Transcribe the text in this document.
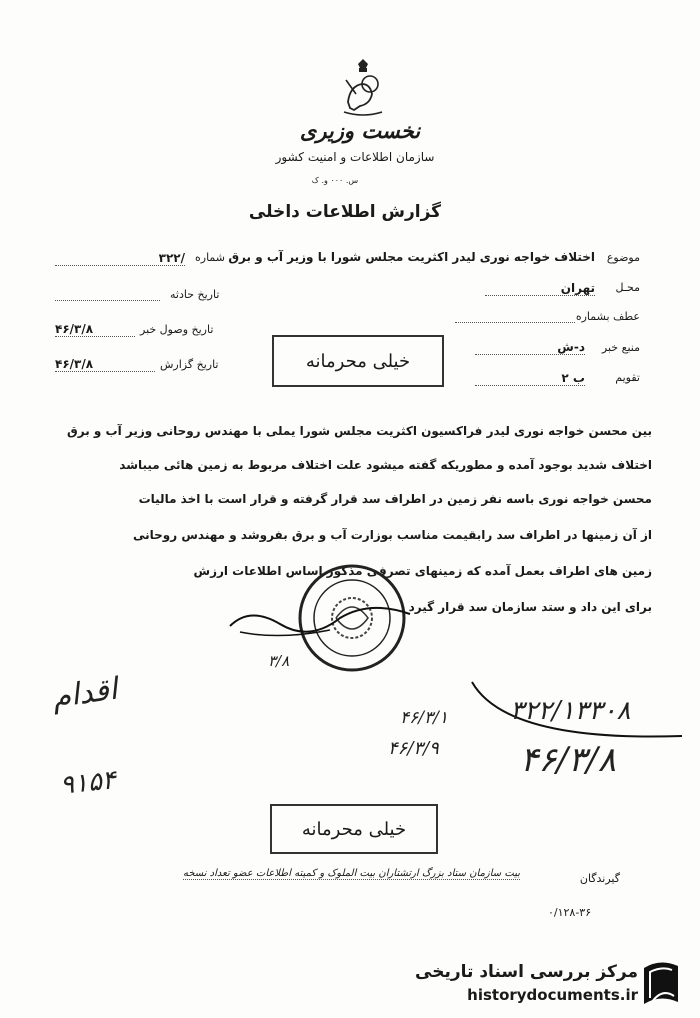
نخست وزیری
سازمان اطلاعات و امنیت کشور
س. ۰۰۰ و. ک
گزارش اطلاعات داخلی
موضوع
اختلاف خواجه نوری لیدر اکثریت مجلس شورا با وزیر آب و برق
محـل
تهران
عطف بشماره
منبع خبر
د-ش
تقویم
ب ۲
شماره
۳۲۲/
تاریخ حادثه
تاریخ وصول خبر
۴۶/۳/۸
تاریخ گزارش
۴۶/۳/۸	خیلی محرمانه
بین محسن خواجه نوری لیدر فراکسیون اکثریت مجلس شورا یملی با مهندس روحانی وزیر آب و برق
اختلاف شدید بوجود آمده و مطوریکه گفته میشود علت اختلاف مربوط به زمین هائی میباشد
محسن خواجه نوری باسه نفر زمین در اطراف سد قرار گرفته و قرار است با اخذ مالیات
از آن زمینها در اطراف سد رابقیمت مناسب بوزارت آب و برق بفروشد و مهندس روحانی
زمین های اطراف بعمل آمده که زمینهای تصرفی مذکور اساس اطلاعات ارزش
برای این داد و ستد سازمان سد قرار گیرد
۳/۸
۳۲۲/۱۳۳۰۸
۴۶/۳/۸
۴۶/۳/۱
۴۶/۳/۹
اقدام
۹۱۵۴
خیلی محرمانه
گیرندگان
بیت سازمان ستاد بزرگ ارتشتاران بیت الملوک و کمیته اطلاعات عضو تعداد نسخه
۰/۱۲۸-۳۶
مرکز بررسی اسناد تاریخی
historydocuments.ir
